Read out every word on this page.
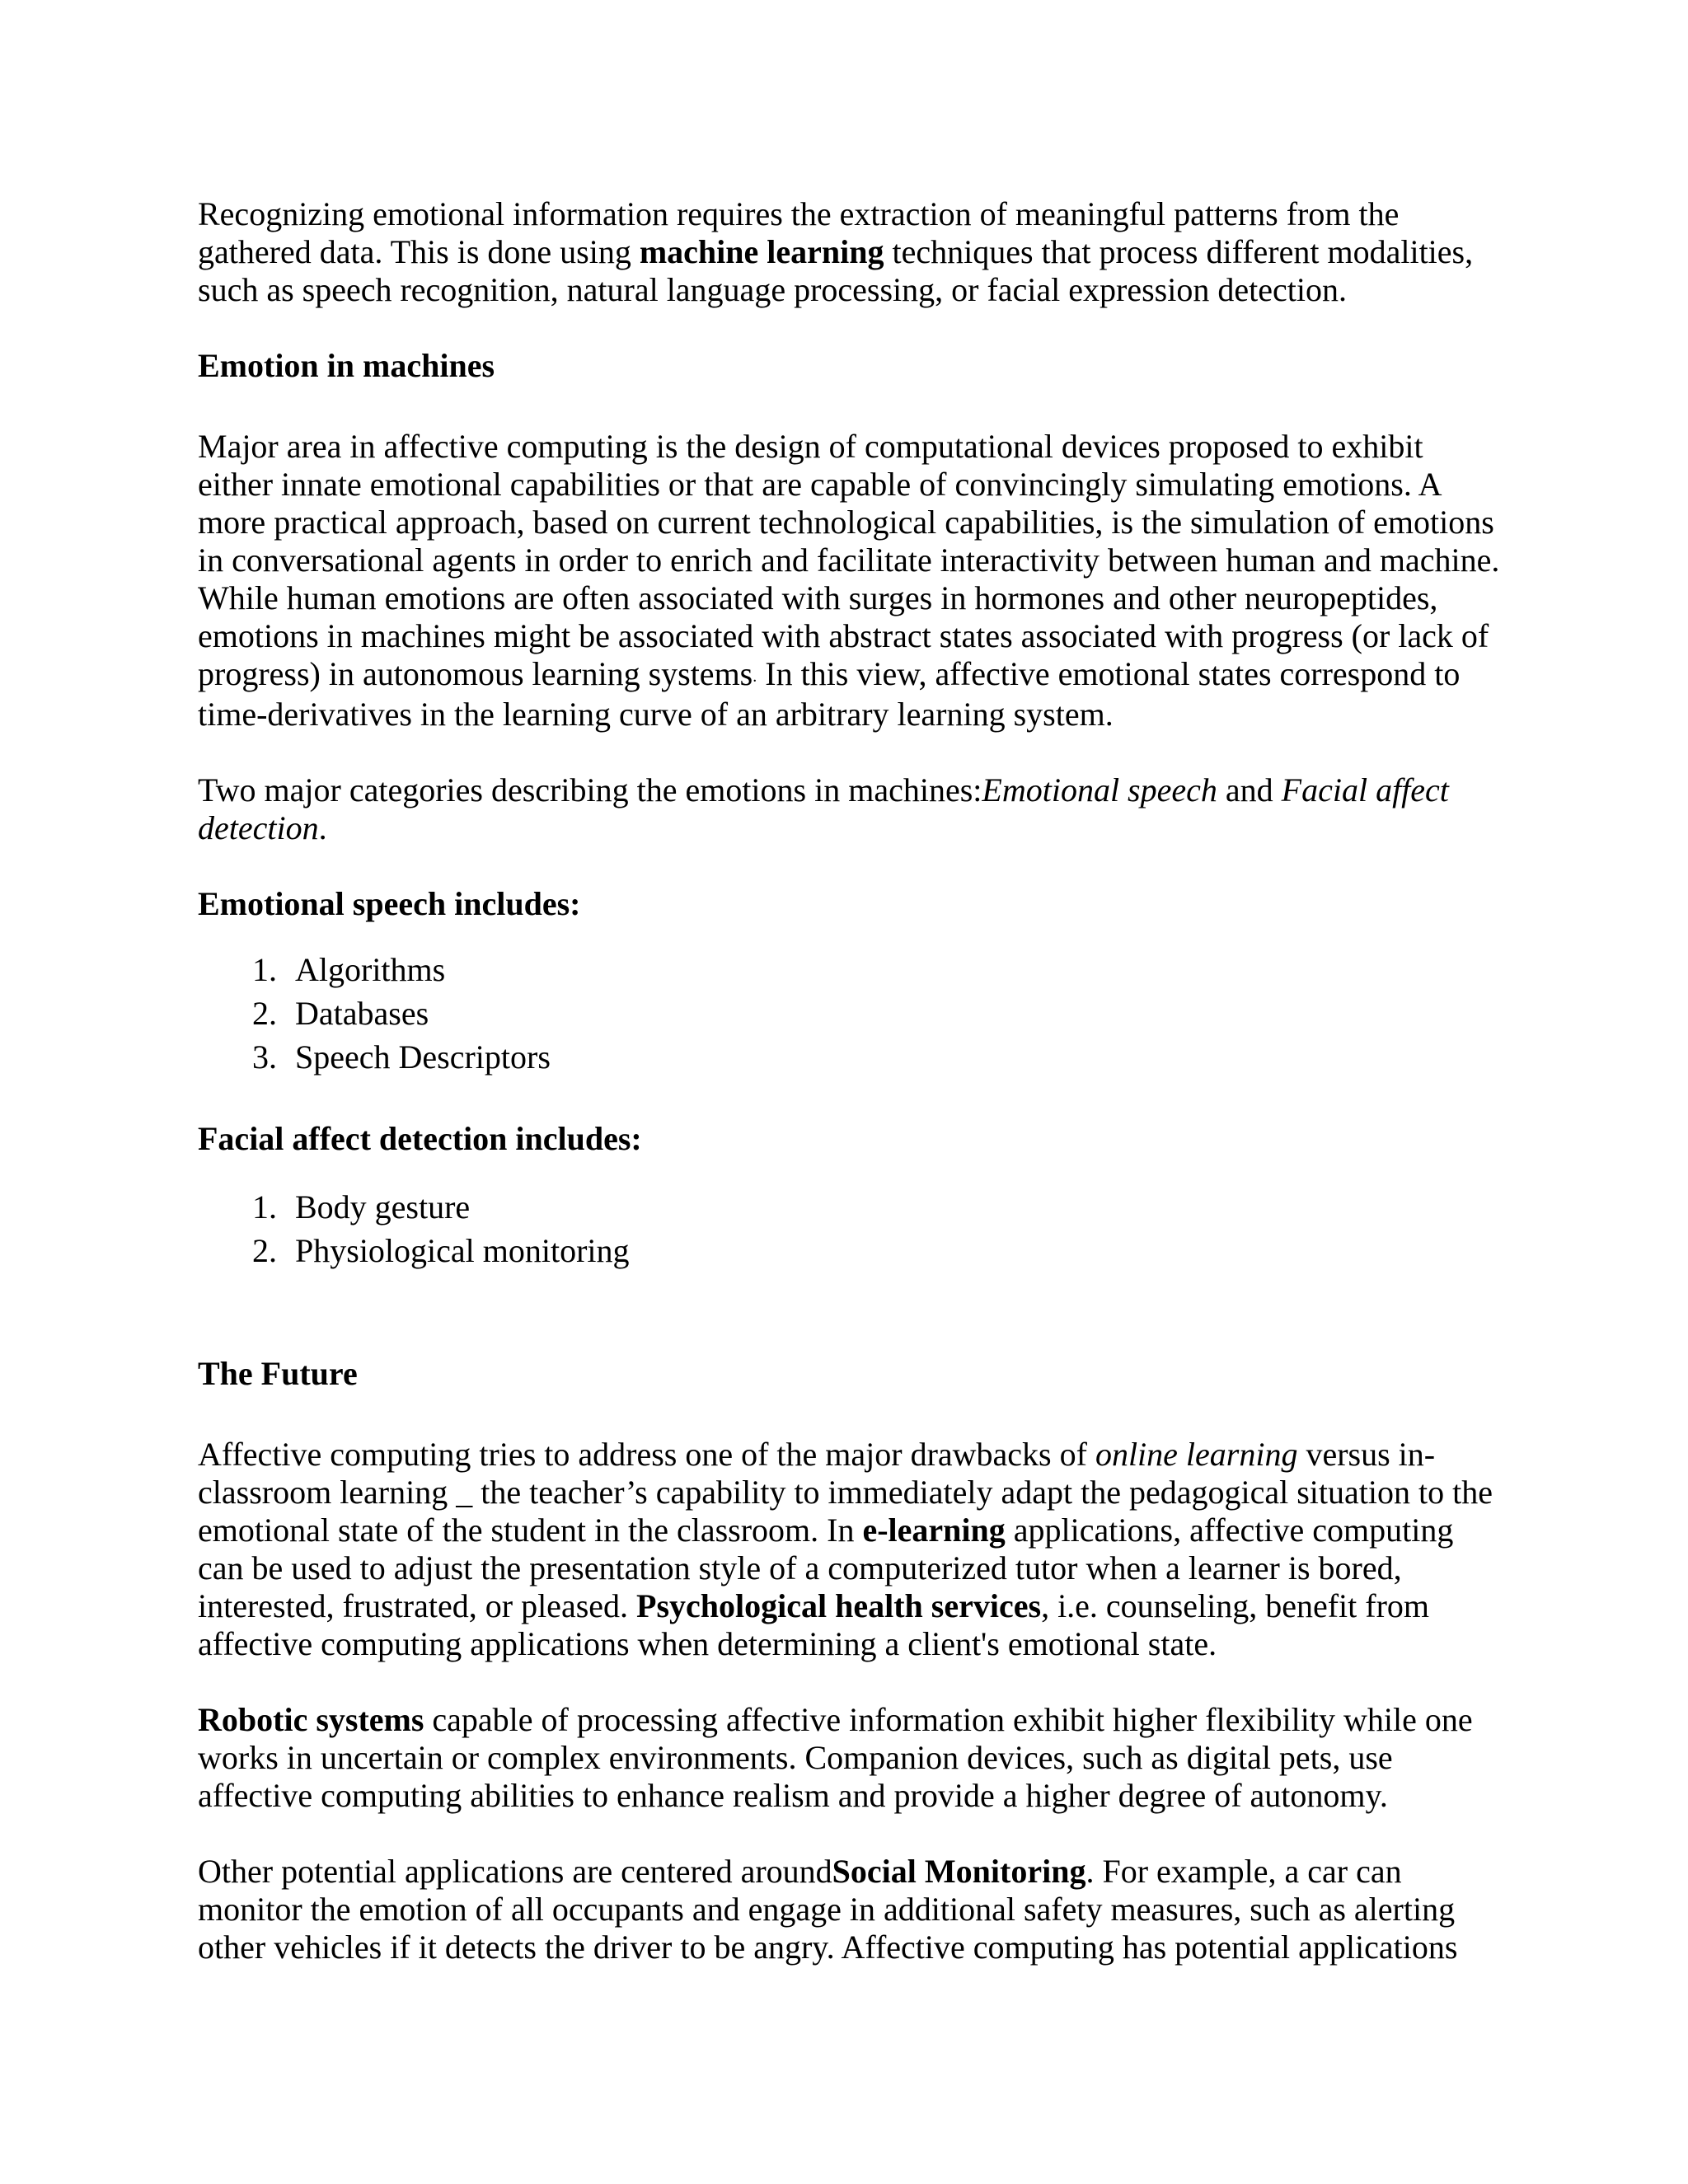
Recognizing emotional information requires the extraction of meaningful patterns from the gathered data. This is done using machine learning techniques that process different modalities, such as speech recognition, natural language processing, or facial expression detection.

Emotion in machines

Major area in affective computing is the design of computational devices proposed to exhibit either innate emotional capabilities or that are capable of convincingly simulating emotions. A more practical approach, based on current technological capabilities, is the simulation of emotions in conversational agents in order to enrich and facilitate interactivity between human and machine. While human emotions are often associated with surges in hormones and other neuropeptides, emotions in machines might be associated with abstract states associated with progress (or lack of progress) in autonomous learning systems. In this view, affective emotional states correspond to time-derivatives in the learning curve of an arbitrary learning system.

Two major categories describing the emotions in machines:Emotional speech and Facial affect detection.

Emotional speech includes:

1. Algorithms
2. Databases
3. Speech Descriptors

Facial affect detection includes:

1. Body gesture
2. Physiological monitoring

The Future

Affective computing tries to address one of the major drawbacks of online learning versus in-classroom learning _ the teacher’s capability to immediately adapt the pedagogical situation to the emotional state of the student in the classroom. In e-learning applications, affective computing can be used to adjust the presentation style of a computerized tutor when a learner is bored, interested, frustrated, or pleased. Psychological health services, i.e. counseling, benefit from affective computing applications when determining a client's emotional state.

Robotic systems capable of processing affective information exhibit higher flexibility while one works in uncertain or complex environments. Companion devices, such as digital pets, use affective computing abilities to enhance realism and provide a higher degree of autonomy.

Other potential applications are centered aroundSocial Monitoring. For example, a car can monitor the emotion of all occupants and engage in additional safety measures, such as alerting other vehicles if it detects the driver to be angry. Affective computing has potential applications
